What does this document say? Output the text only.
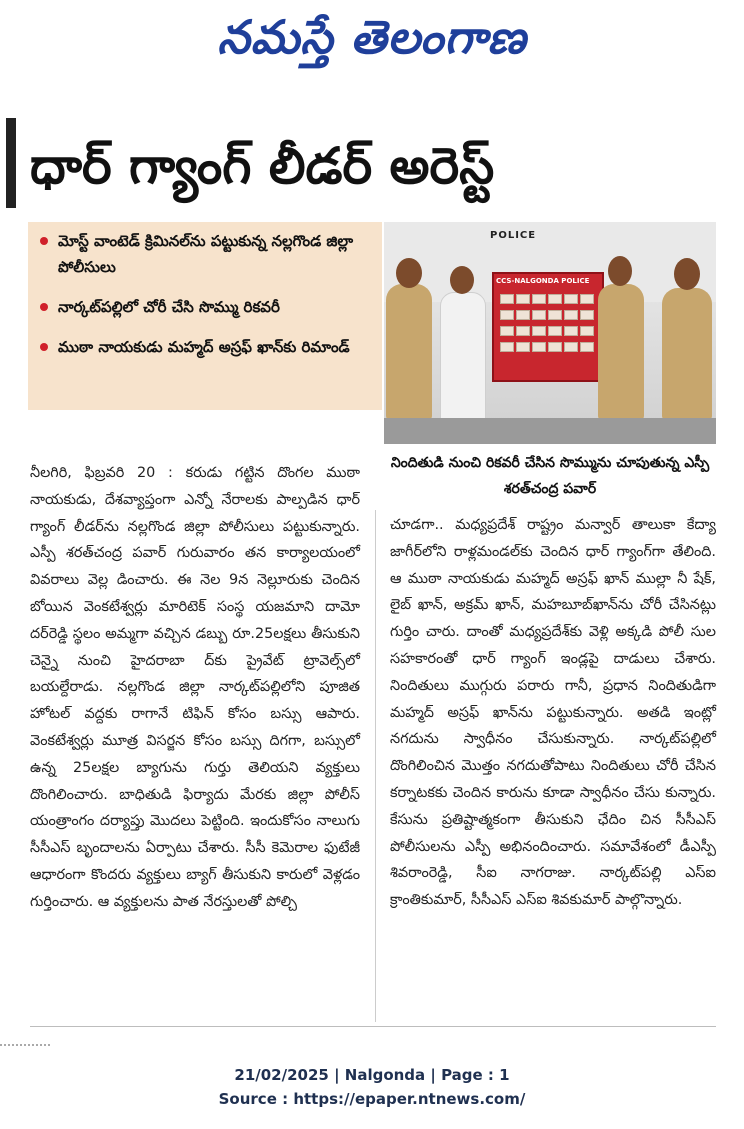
నమస్తే తెలంగాణ
ధార్ గ్యాంగ్ లీడర్ అరెస్ట్
మోస్ట్ వాంటెడ్ క్రిమినల్‌ను పట్టుకున్న నల్లగొండ జిల్లా పోలీసులు
నార్కట్‌పల్లిలో చోరీ చేసి సొమ్ము రికవరీ
ముఠా నాయకుడు మహ్మద్ అస్రఫ్ ఖాన్‌కు రిమాండ్
POLICE
CCS-NALGONDA POLICE
నిందితుడి నుంచి రికవరీ చేసిన సొమ్మును చూపుతున్న ఎస్పీ శరత్‌చంద్ర పవార్
నీలగిరి, ఫిబ్రవరి 20 : కరుడు గట్టిన దొంగల ముఠా నాయకుడు, దేశవ్యాప్తంగా ఎన్నో నేరాలకు పాల్పడిన ధార్ గ్యాంగ్ లీడర్‌ను నల్లగొండ జిల్లా పోలీసులు పట్టుకున్నారు. ఎస్పీ శరత్‌చంద్ర పవార్ గురువారం తన కార్యాలయంలో వివరాలు వెల్ల డించారు. ఈ నెల 9న నెల్లూరుకు చెందిన బోయిన వెంకటేశ్వర్లు మారిటెక్ సంస్థ యజమాని దామో దర్‌రెడ్డి స్థలం అమ్మగా వచ్చిన డబ్బు రూ.25లక్షలు తీసుకుని చెన్నై నుంచి హైదరాబా ద్‌కు ప్రైవేట్ ట్రావెల్స్‌లో బయల్దేరాడు. నల్లగొండ జిల్లా నార్కట్‌పల్లిలోని పూజిత హోటల్ వద్దకు రాగానే టిఫిన్ కోసం బస్సు ఆపారు. వెంకటేశ్వర్లు మూత్ర విసర్జన కోసం బస్సు దిగగా, బస్సులో ఉన్న 25లక్షల బ్యాగును గుర్తు తెలియని వ్యక్తులు దొంగిలించారు. బాధితుడి ఫిర్యాదు మేరకు జిల్లా పోలీస్ యంత్రాంగం దర్యాప్తు మొదలు పెట్టింది. ఇందుకోసం నాలుగు సీసీఎస్ బృందాలను ఏర్పాటు చేశారు. సీసీ కెమెరాల ఫుటేజీ ఆధారంగా కొందరు వ్యక్తులు బ్యాగ్ తీసుకుని కారులో వెళ్లడం గుర్తించారు. ఆ వ్యక్తులను పాత నేరస్తులతో పోల్చి
చూడగా.. మధ్యప్రదేశ్ రాష్ట్రం మన్వార్ తాలుకా కేద్యా జాగీర్‌లోని రాళ్లమండల్‌కు చెందిన ధార్ గ్యాంగ్‌గా తేలింది. ఆ ముఠా నాయకుడు మహ్మద్ అస్రఫ్ ఖాన్ ముల్లా నీ షేక్, లైబ్ ఖాన్, అక్రమ్ ఖాన్, మహబూబ్‌ఖాన్‌ను చోరీ చేసినట్లు గుర్తిం చారు. దాంతో మధ్యప్రదేశ్‌కు వెళ్లి అక్కడి పోలీ సుల సహకారంతో ధార్ గ్యాంగ్ ఇండ్లపై దాడులు చేశారు. నిందితులు ముగ్గురు పరారు గానీ, ప్రధాన నిందితుడిగా మహ్మద్ అస్రఫ్ ఖాన్‌ను పట్టుకున్నారు. అతడి ఇంట్లో నగదును స్వాధీనం చేసుకున్నారు. నార్కట్‌పల్లిలో దొంగిలించిన మొత్తం నగదుతోపాటు నిందితులు చోరీ చేసిన కర్నాటకకు చెందిన కారును కూడా స్వాధీనం చేసు కున్నారు. కేసును ప్రతిష్టాత్మకంగా తీసుకుని ఛేదిం చిన సీసీఎస్ పోలీసులను ఎస్పీ అభినందించారు. సమావేశంలో డీఎస్పీ శివరాంరెడ్డి, సీఐ నాగరాజు. నార్కట్‌పల్లి ఎస్‌ఐ క్రాంతికుమార్, సీసీఎస్ ఎస్‌ఐ శివకుమార్ పాల్గొన్నారు.
21/02/2025 | Nalgonda | Page : 1
Source : https://epaper.ntnews.com/
